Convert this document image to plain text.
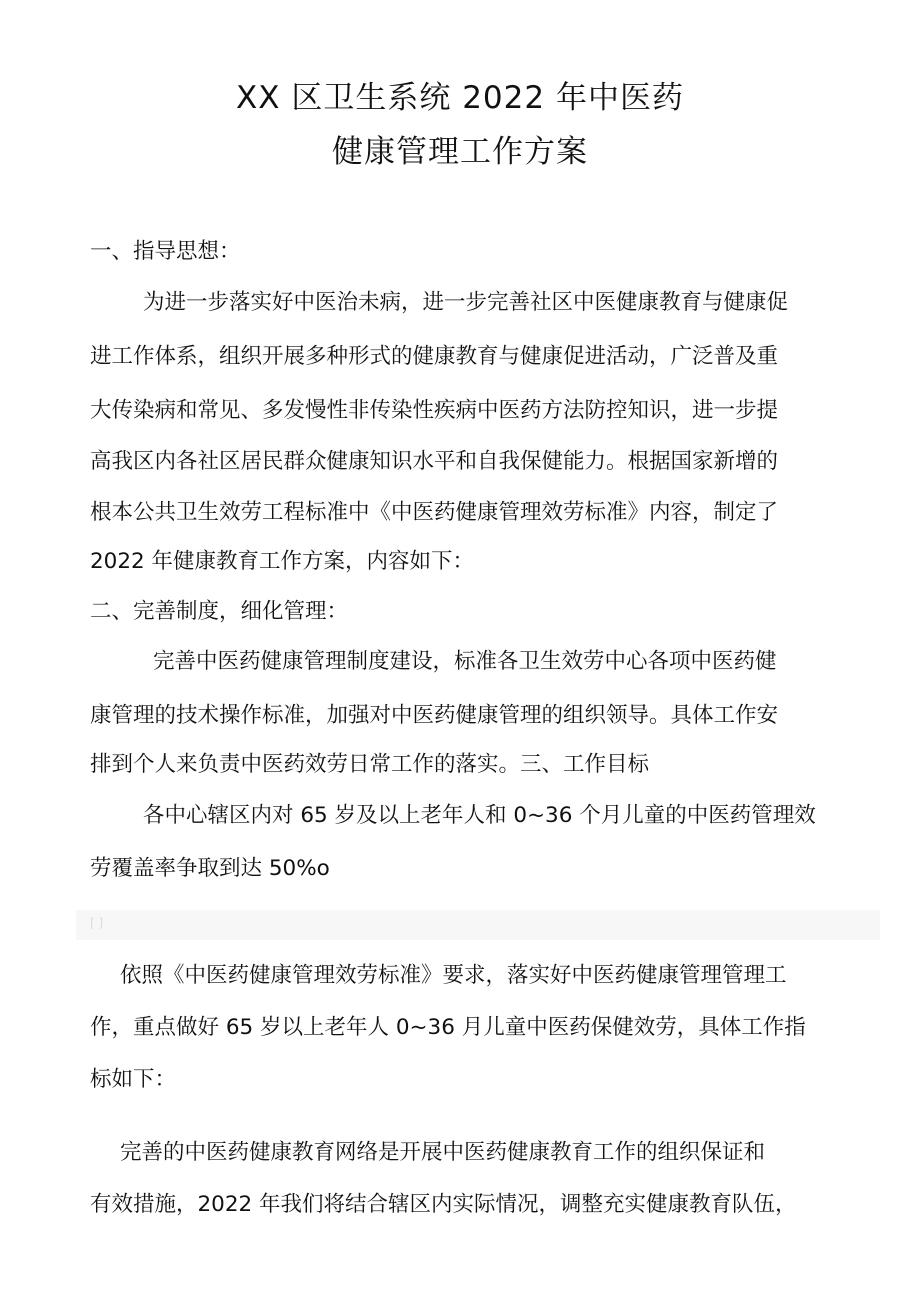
XX 区卫生系统 2022 年中医药
健康管理工作方案

一、指导思想：

为进一步落实好中医治未病，进一步完善社区中医健康教育与健康促

进工作体系，组织开展多种形式的健康教育与健康促进活动，广泛普及重

大传染病和常见、多发慢性非传染性疾病中医药方法防控知识，进一步提

高我区内各社区居民群众健康知识水平和自我保健能力。根据国家新增的

根本公共卫生效劳工程标准中《中医药健康管理效劳标准》内容，制定了

2022 年健康教育工作方案，内容如下：

二、完善制度，细化管理：

完善中医药健康管理制度建设，标准各卫生效劳中心各项中医药健

康管理的技术操作标准，加强对中医药健康管理的组织领导。具体工作安

排到个人来负责中医药效劳日常工作的落实。三、工作目标

各中心辖区内对 65 岁及以上老年人和 0~36 个月儿童的中医药管理效

劳覆盖率争取到达 50%o

[ ]

依照《中医药健康管理效劳标准》要求，落实好中医药健康管理管理工

作，重点做好 65 岁以上老年人 0~36 月儿童中医药保健效劳，具体工作指

标如下：

完善的中医药健康教育网络是开展中医药健康教育工作的组织保证和

有效措施，2022 年我们将结合辖区内实际情况，调整充实健康教育队伍，
